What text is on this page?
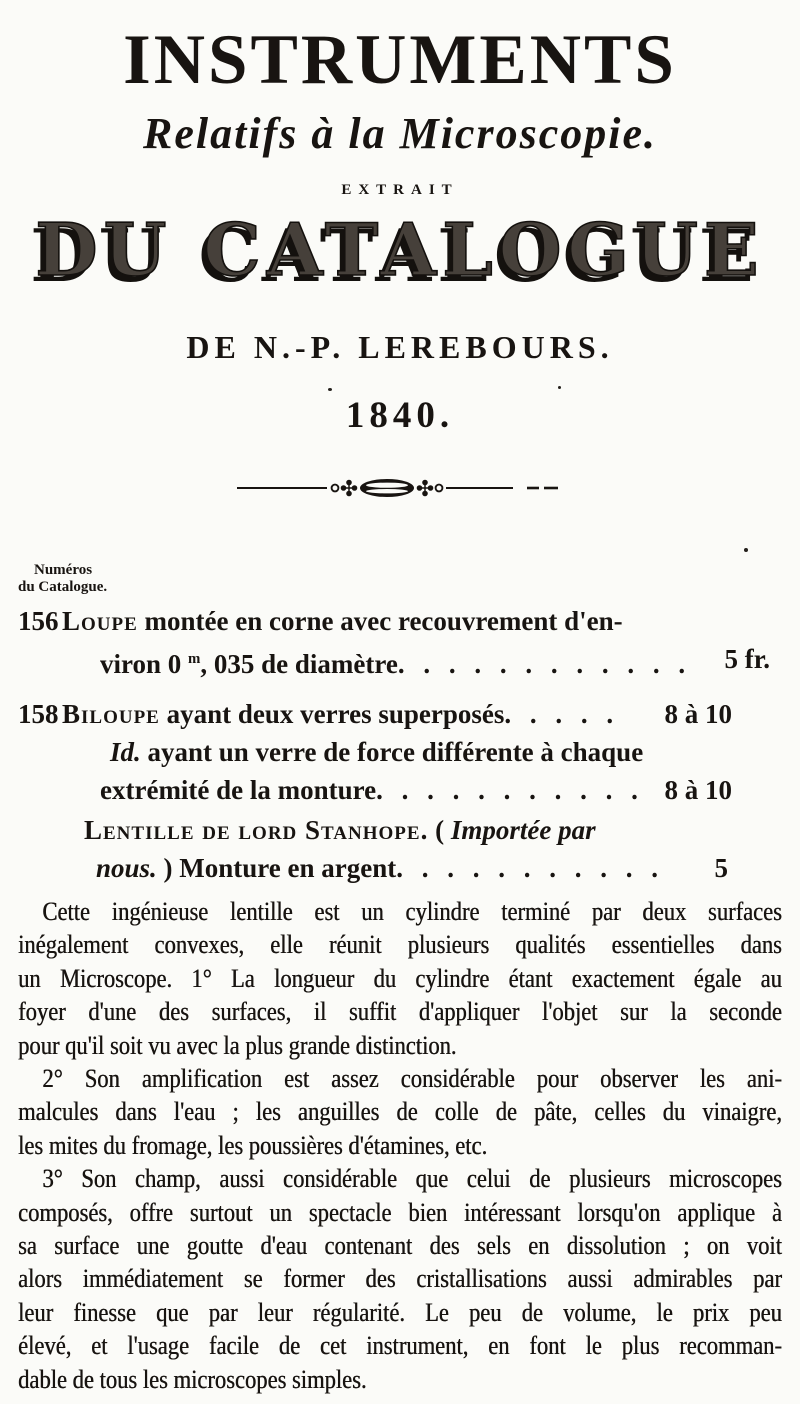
INSTRUMENTS
Relatifs à la Microscopie.
EXTRAIT
DU CATALOGUE
DE N.-P. LEREBOURS.
1840.
Numéros
du Catalogue.
156 Loupe montée en corne avec recouvrement d'en-
viron 0 $^m$, 035 de diamètre. . . . . . . . . . . . 5 fr.
158 Biloupe ayant deux verres superposés. . . . . 8 à 10
Id. ayant un verre de force différente à chaque
extrémité de la monture. . . . . . . . . . . 8 à 10
Lentille de lord Stanhope. ( Importée par
nous. ) Monture en argent. . . . . . . . . . . 5
Cette ingénieuse lentille est un cylindre terminé par deux surfaces
inégalement convexes, elle réunit plusieurs qualités essentielles dans
un Microscope. 1° La longueur du cylindre étant exactement égale au
foyer d'une des surfaces, il suffit d'appliquer l'objet sur la seconde
pour qu'il soit vu avec la plus grande distinction.
2° Son amplification est assez considérable pour observer les ani-
malcules dans l'eau ; les anguilles de colle de pâte, celles du vinaigre,
les mites du fromage, les poussières d'étamines, etc.
3° Son champ, aussi considérable que celui de plusieurs microscopes
composés, offre surtout un spectacle bien intéressant lorsqu'on applique à
sa surface une goutte d'eau contenant des sels en dissolution ; on voit
alors immédiatement se former des cristallisations aussi admirables par
leur finesse que par leur régularité. Le peu de volume, le prix peu
élevé, et l'usage facile de cet instrument, en font le plus recomman-
dable de tous les microscopes simples.
